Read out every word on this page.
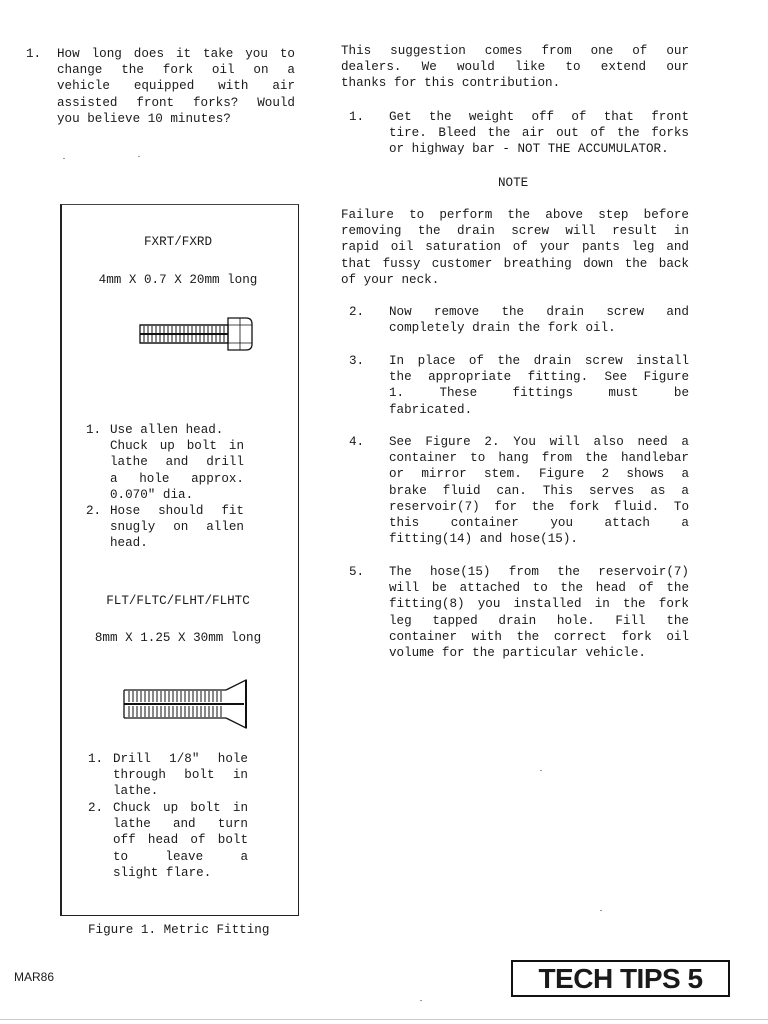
1. How long does it take you to
change the fork oil on a
vehicle equipped with air
assisted front forks? Would
you believe 10 minutes?
This suggestion comes from one of our
dealers. We would like to extend our
thanks for this contribution.
1. Get the weight off of that front
tire. Bleed the air out of the forks
or highway bar - NOT THE ACCUMULATOR.
NOTE
Failure to perform the above step before
removing the drain screw will result in
rapid oil saturation of your pants leg and
that fussy customer breathing down the back
of your neck.
2. Now remove the drain screw and
completely drain the fork oil.
3. In place of the drain screw install
the appropriate fitting. See Figure
1. These fittings must be
fabricated.
4. See Figure 2. You will also need a
container to hang from the handlebar
or mirror stem. Figure 2 shows a
brake fluid can. This serves as a
reservoir(7) for the fork fluid. To
this container you attach a
fitting(14) and hose(15).
5. The hose(15) from the reservoir(7)
will be attached to the head of the
fitting(8) you installed in the fork
leg tapped drain hole. Fill the
container with the correct fork oil
volume for the particular vehicle.
FXRT/FXRD
4mm X 0.7 X 20mm long
1. Use allen head.
Chuck up bolt in
lathe and drill
a hole approx.
0.070" dia.
2. Hose should fit
snugly on allen
head.
FLT/FLTC/FLHT/FLHTC
8mm X 1.25 X 30mm long
1. Drill 1/8" hole
through bolt in
lathe.
2. Chuck up bolt in
lathe and turn
off head of bolt
to leave a
slight flare.
Figure 1. Metric Fitting
MAR86	TECH TIPS 5
